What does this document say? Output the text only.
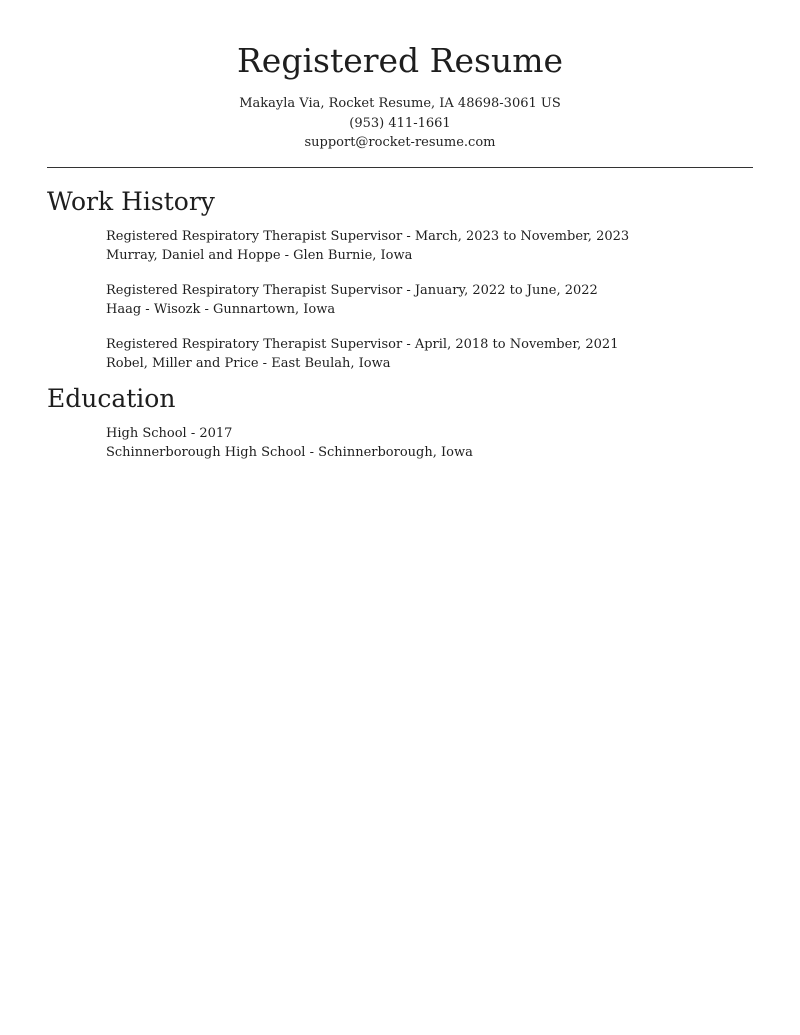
Registered Resume
Makayla Via, Rocket Resume, IA 48698-3061 US
(953) 411-1661
support@rocket-resume.com
Work History
Registered Respiratory Therapist Supervisor - March, 2023 to November, 2023
Murray, Daniel and Hoppe - Glen Burnie, Iowa
Registered Respiratory Therapist Supervisor - January, 2022 to June, 2022
Haag - Wisozk - Gunnartown, Iowa
Registered Respiratory Therapist Supervisor - April, 2018 to November, 2021
Robel, Miller and Price - East Beulah, Iowa
Education
High School - 2017
Schinnerborough High School - Schinnerborough, Iowa
